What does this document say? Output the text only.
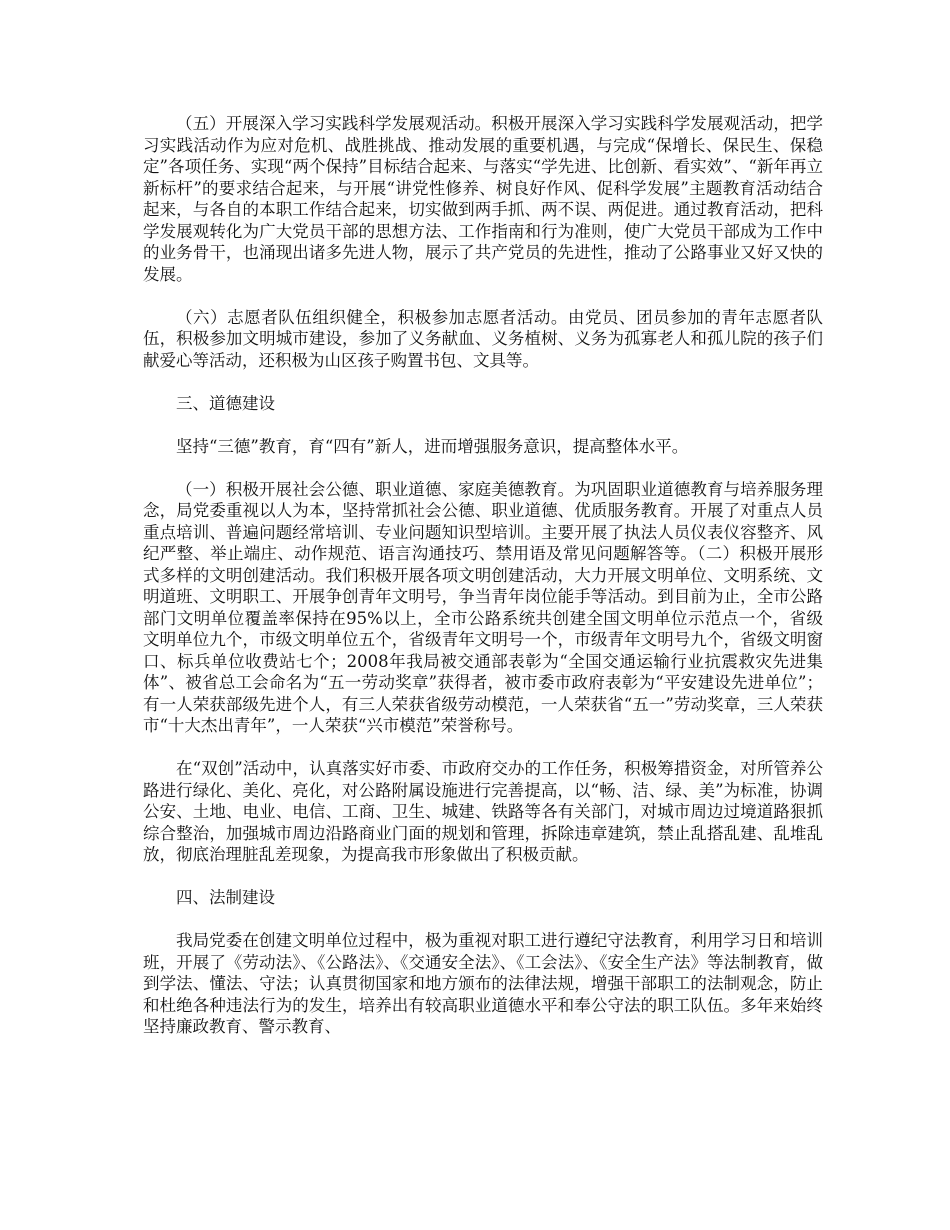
（五）开展深入学习实践科学发展观活动。积极开展深入学习实践科学发展观活动，把学习实践活动作为应对危机、战胜挑战、推动发展的重要机遇，与完成“保增长、保民生、保稳定”各项任务、实现“两个保持”目标结合起来、与落实“学先进、比创新、看实效”、“新年再立新标杆”的要求结合起来，与开展“讲党性修养、树良好作风、促科学发展”主题教育活动结合起来，与各自的本职工作结合起来，切实做到两手抓、两不误、两促进。通过教育活动，把科学发展观转化为广大党员干部的思想方法、工作指南和行为准则，使广大党员干部成为工作中的业务骨干，也涌现出诸多先进人物，展示了共产党员的先进性，推动了公路事业又好又快的发展。

（六）志愿者队伍组织健全，积极参加志愿者活动。由党员、团员参加的青年志愿者队伍，积极参加文明城市建设，参加了义务献血、义务植树、义务为孤寡老人和孤儿院的孩子们献爱心等活动，还积极为山区孩子购置书包、文具等。

三、道德建设

坚持“三德”教育，育“四有”新人，进而增强服务意识，提高整体水平。

（一）积极开展社会公德、职业道德、家庭美德教育。为巩固职业道德教育与培养服务理念，局党委重视以人为本，坚持常抓社会公德、职业道德、优质服务教育。开展了对重点人员重点培训、普遍问题经常培训、专业问题知识型培训。主要开展了执法人员仪表仪容整齐、风纪严整、举止端庄、动作规范、语言沟通技巧、禁用语及常见问题解答等。（二）积极开展形式多样的文明创建活动。我们积极开展各项文明创建活动，大力开展文明单位、文明系统、文明道班、文明职工、开展争创青年文明号，争当青年岗位能手等活动。到目前为止，全市公路部门文明单位覆盖率保持在95%以上，全市公路系统共创建全国文明单位示范点一个，省级文明单位九个，市级文明单位五个，省级青年文明号一个，市级青年文明号九个，省级文明窗口、标兵单位收费站七个；2008年我局被交通部表彰为“全国交通运输行业抗震救灾先进集体”、被省总工会命名为“五一劳动奖章”获得者，被市委市政府表彰为“平安建设先进单位”；有一人荣获部级先进个人，有三人荣获省级劳动模范，一人荣获省“五一”劳动奖章，三人荣获市“十大杰出青年”，一人荣获“兴市模范”荣誉称号。

在“双创”活动中，认真落实好市委、市政府交办的工作任务，积极筹措资金，对所管养公路进行绿化、美化、亮化，对公路附属设施进行完善提高，以“畅、洁、绿、美”为标准，协调公安、土地、电业、电信、工商、卫生、城建、铁路等各有关部门，对城市周边过境道路狠抓综合整治，加强城市周边沿路商业门面的规划和管理，拆除违章建筑，禁止乱搭乱建、乱堆乱放，彻底治理脏乱差现象，为提高我市形象做出了积极贡献。

四、法制建设

我局党委在创建文明单位过程中，极为重视对职工进行遵纪守法教育，利用学习日和培训班，开展了《劳动法》、《公路法》、《交通安全法》、《工会法》、《安全生产法》等法制教育，做到学法、懂法、守法；认真贯彻国家和地方颁布的法律法规，增强干部职工的法制观念，防止和杜绝各种违法行为的发生，培养出有较高职业道德水平和奉公守法的职工队伍。多年来始终坚持廉政教育、警示教育、
